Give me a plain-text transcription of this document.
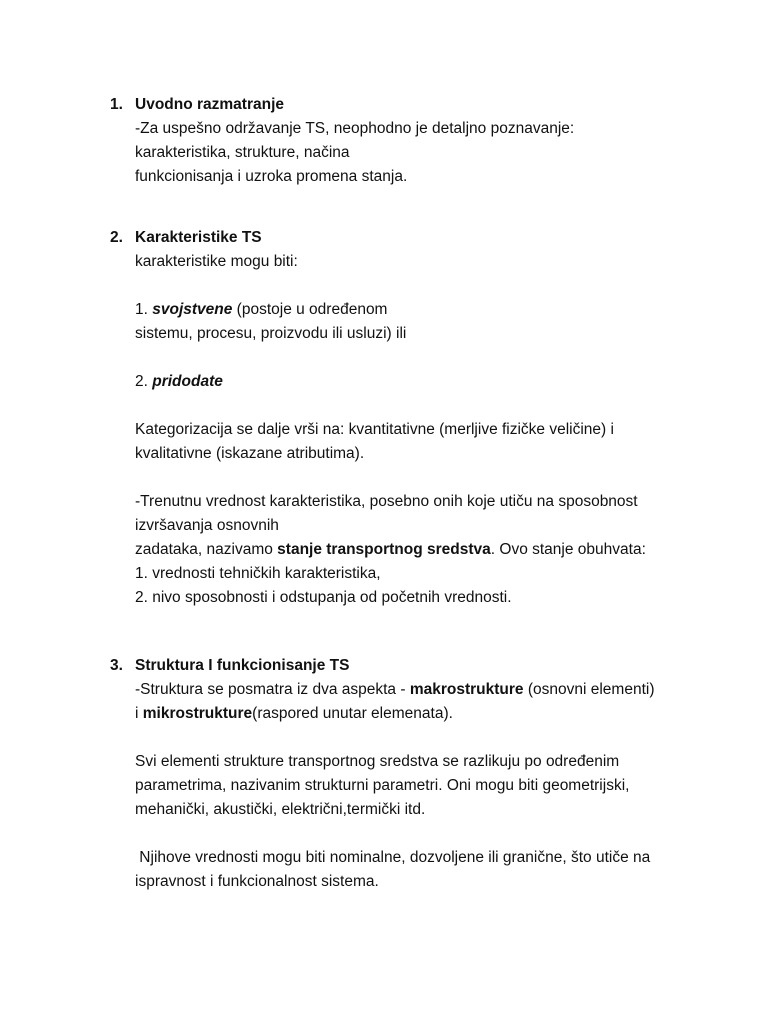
1. Uvodno razmatranje
-Za uspešno održavanje TS, neophodno je detaljno poznavanje:
karakteristika, strukture, načina
funkcionisanja i uzroka promena stanja.
2. Karakteristike TS
karakteristike mogu biti:
1. svojstvene (postoje u određenom
sistemu, procesu, proizvodu ili usluzi) ili
2. pridodate
Kategorizacija se dalje vrši na: kvantitativne (merljive fizičke veličine) i
kvalitativne (iskazane atributima).
-Trenutnu vrednost karakteristika, posebno onih koje utiču na sposobnost
izvršavanja osnovnih
zadataka, nazivamo stanje transportnog sredstva. Ovo stanje obuhvata:
1. vrednosti tehničkih karakteristika,
2. nivo sposobnosti i odstupanja od početnih vrednosti.
3. Struktura I funkcionisanje TS
-Struktura se posmatra iz dva aspekta - makrostrukture (osnovni elementi)
i mikrostrukture(raspored unutar elemenata).
Svi elementi strukture transportnog sredstva se razlikuju po određenim
parametrima, nazivanim strukturni parametri. Oni mogu biti geometrijski,
mehanički, akustički, električni,termički itd.
Njihove vrednosti mogu biti nominalne, dozvoljene ili granične, što utiče na
ispravnost i funkcionalnost sistema.
